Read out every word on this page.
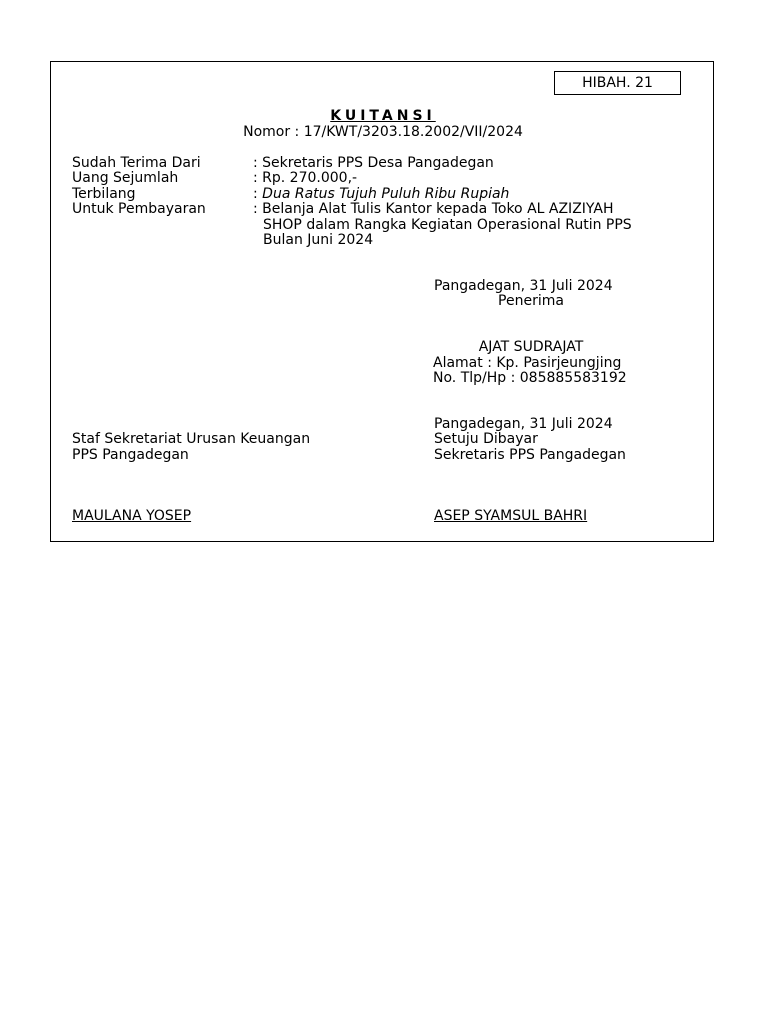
HIBAH. 21
KUITANSI
Nomor : 17/KWT/3203.18.2002/VII/2024
Sudah Terima Dari	: Sekretaris PPS Desa Pangadegan
Uang Sejumlah	: Rp. 270.000,-
Terbilang	: Dua Ratus Tujuh Puluh Ribu Rupiah
Untuk Pembayaran	: Belanja Alat Tulis Kantor kepada Toko AL AZIZIYAH
SHOP dalam Rangka Kegiatan Operasional Rutin PPS
Bulan Juni 2024
Pangadegan, 31 Juli 2024
Penerima
AJAT SUDRAJAT
Alamat : Kp. Pasirjeungjing
No. Tlp/Hp : 085885583192
Pangadegan, 31 Juli 2024
Staf Sekretariat Urusan Keuangan	Setuju Dibayar
PPS Pangadegan	Sekretaris PPS Pangadegan
MAULANA YOSEP	ASEP SYAMSUL BAHRI
